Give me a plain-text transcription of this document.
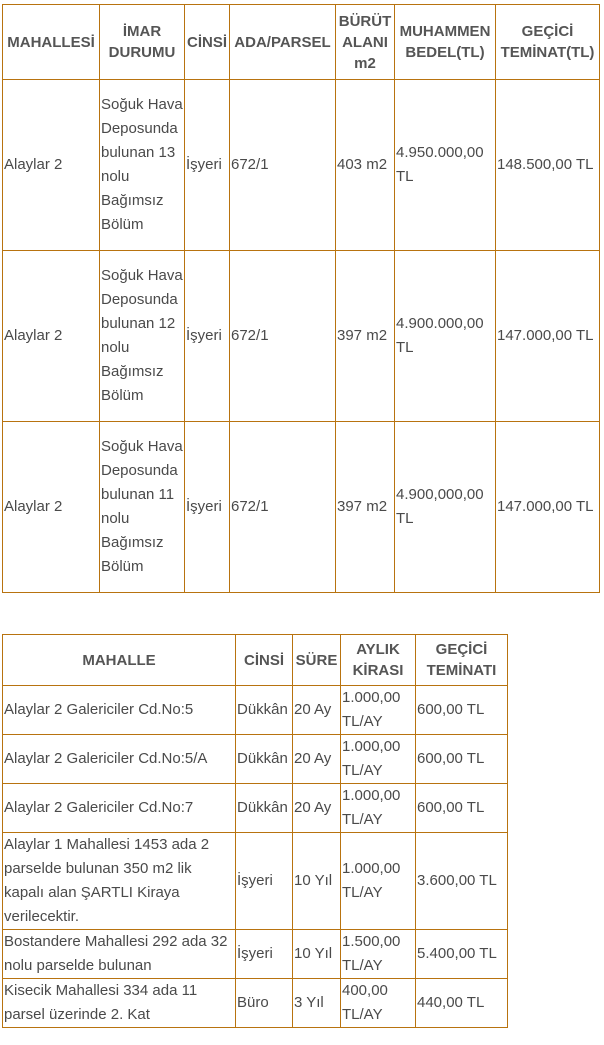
MAHALLESİ	İMAR DURUMU	CİNSİ	ADA/PARSEL	BÜRÜT ALANI m2	MUHAMMEN BEDEL(TL)	GEÇİCİ TEMİNAT(TL)
Alaylar 2	Soğuk Hava Deposunda bulunan 13 nolu Bağımsız Bölüm	İşyeri	672/1	403 m2	4.950.000,00 TL	148.500,00 TL
Alaylar 2	Soğuk Hava Deposunda bulunan 12 nolu Bağımsız Bölüm	İşyeri	672/1	397 m2	4.900.000,00 TL	147.000,00 TL
Alaylar 2	Soğuk Hava Deposunda bulunan 11 nolu Bağımsız Bölüm	İşyeri	672/1	397 m2	4.900,000,00 TL	147.000,00 TL
MAHALLE	CİNSİ	SÜRE	AYLIK KİRASI	GEÇİCİ TEMİNATI
Alaylar 2 Galericiler Cd.No:5	Dükkân	20 Ay	1.000,00 TL/AY	600,00 TL
Alaylar 2 Galericiler Cd.No:5/A	Dükkân	20 Ay	1.000,00 TL/AY	600,00 TL
Alaylar 2 Galericiler Cd.No:7	Dükkân	20 Ay	1.000,00 TL/AY	600,00 TL
Alaylar 1 Mahallesi 1453 ada 2 parselde bulunan 350 m2 lik kapalı alan ŞARTLI Kiraya verilecektir.	İşyeri	10 Yıl	1.000,00 TL/AY	3.600,00 TL
Bostandere Mahallesi 292 ada 32 nolu parselde bulunan	İşyeri	10 Yıl	1.500,00 TL/AY	5.400,00 TL
Kisecik Mahallesi 334 ada 11 parsel üzerinde 2. Kat	Büro	3 Yıl	400,00 TL/AY	440,00 TL
